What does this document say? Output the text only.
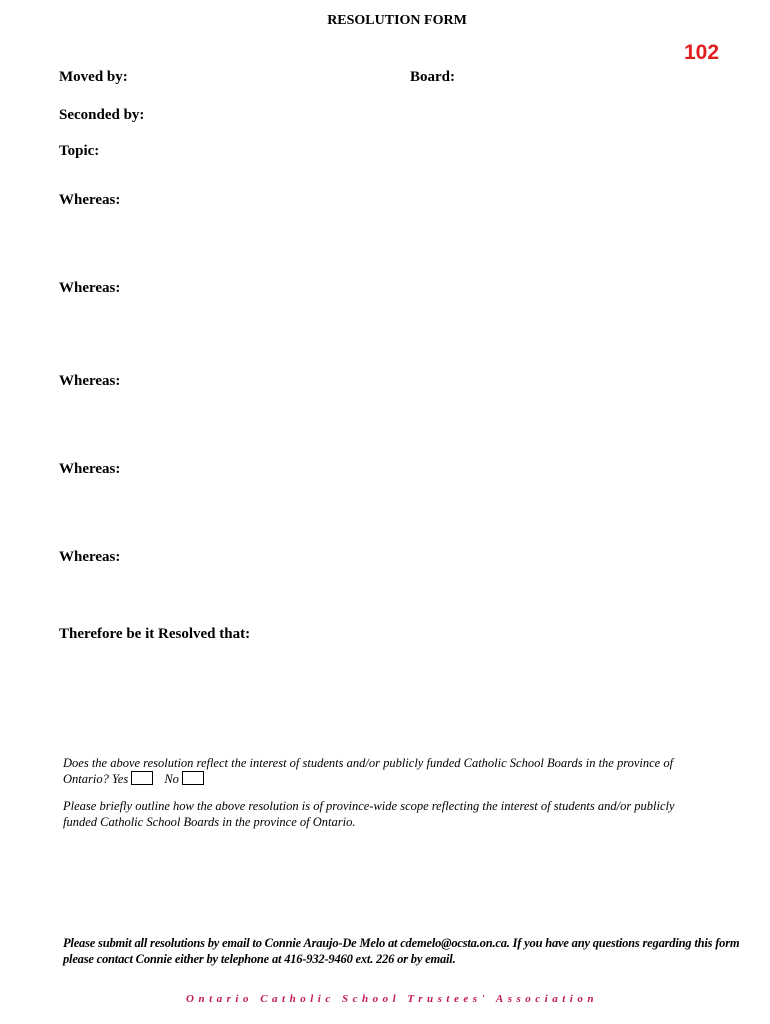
RESOLUTION FORM
102
Moved by:	Board:
Seconded by:
Topic:
Whereas:
Whereas:
Whereas:
Whereas:
Whereas:
Therefore be it Resolved that:
Does the above resolution reflect the interest of students and/or publicly funded Catholic School Boards in the province of Ontario? Yes	No
Please briefly outline how the above resolution is of province-wide scope reflecting the interest of students and/or publicly funded Catholic School Boards in the province of Ontario.
Please submit all resolutions by email to Connie Araujo-De Melo at cdemelo@ocsta.on.ca. If you have any questions regarding this form please contact Connie either by telephone at 416-932-9460 ext. 226 or by email.
Ontario Catholic School Trustees' Association
